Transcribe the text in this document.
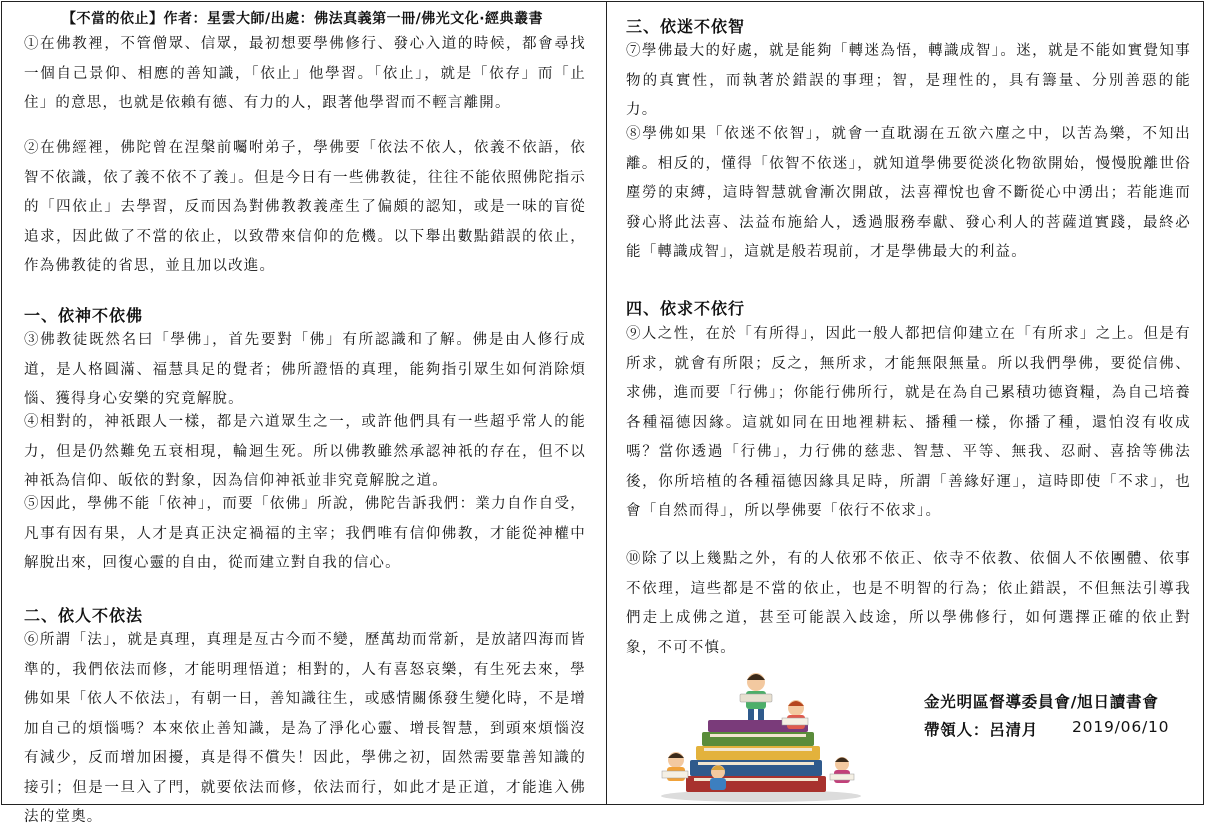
【不當的依止】作者：星雲大師/出處：佛法真義第一冊/佛光文化·經典叢書

①在佛教裡，不管僧眾、信眾，最初想要學佛修行、發心入道的時候，都會尋找一個自己景仰、相應的善知識，「依止」他學習。「依止」，就是「依存」而「止住」的意思，也就是依賴有德、有力的人，跟著他學習而不輕言離開。

②在佛經裡，佛陀曾在涅槃前囑咐弟子，學佛要「依法不依人，依義不依語，依智不依識，依了義不依不了義」。但是今日有一些佛教徒，往往不能依照佛陀指示的「四依止」去學習，反而因為對佛教教義產生了偏頗的認知，或是一味的盲從追求，因此做了不當的依止，以致帶來信仰的危機。以下舉出數點錯誤的依止，作為佛教徒的省思，並且加以改進。

一、依神不依佛

③佛教徒既然名曰「學佛」，首先要對「佛」有所認識和了解。佛是由人修行成道，是人格圓滿、福慧具足的覺者；佛所證悟的真理，能夠指引眾生如何消除煩惱、獲得身心安樂的究竟解脫。

④相對的，神祇跟人一樣，都是六道眾生之一，或許他們具有一些超乎常人的能力，但是仍然難免五衰相現，輪迴生死。所以佛教雖然承認神祇的存在，但不以神祇為信仰、皈依的對象，因為信仰神祇並非究竟解脫之道。

⑤因此，學佛不能「依神」，而要「依佛」所說，佛陀告訴我們：業力自作自受，凡事有因有果，人才是真正決定禍福的主宰；我們唯有信仰佛教，才能從神權中解脫出來，回復心靈的自由，從而建立對自我的信心。

二、依人不依法

⑥所謂「法」，就是真理，真理是亙古今而不變，歷萬劫而常新，是放諸四海而皆準的，我們依法而修，才能明理悟道；相對的，人有喜怒哀樂，有生死去來，學佛如果「依人不依法」，有朝一日，善知識往生，或感情關係發生變化時，不是增加自己的煩惱嗎？本來依止善知識，是為了淨化心靈、增長智慧，到頭來煩惱沒有減少，反而增加困擾，真是得不償失！因此，學佛之初，固然需要靠善知識的接引；但是一旦入了門，就要依法而修，依法而行，如此才是正道，才能進入佛法的堂奧。

三、依迷不依智

⑦學佛最大的好處，就是能夠「轉迷為悟，轉識成智」。迷，就是不能如實覺知事物的真實性，而執著於錯誤的事理；智，是理性的，具有籌量、分別善惡的能力。

⑧學佛如果「依迷不依智」，就會一直耽溺在五欲六塵之中，以苦為樂，不知出離。相反的，懂得「依智不依迷」，就知道學佛要從淡化物欲開始，慢慢脫離世俗塵勞的束縛，這時智慧就會漸次開啟，法喜禪悅也會不斷從心中湧出；若能進而發心將此法喜、法益布施給人，透過服務奉獻、發心利人的菩薩道實踐，最終必能「轉識成智」，這就是般若現前，才是學佛最大的利益。

四、依求不依行

⑨人之性，在於「有所得」，因此一般人都把信仰建立在「有所求」之上。但是有所求，就會有所限；反之，無所求，才能無限無量。所以我們學佛，要從信佛、求佛，進而要「行佛」；你能行佛所行，就是在為自己累積功德資糧，為自己培養各種福德因緣。這就如同在田地裡耕耘、播種一樣，你播了種，還怕沒有收成嗎？當你透過「行佛」，力行佛的慈悲、智慧、平等、無我、忍耐、喜捨等佛法後，你所培植的各種福德因緣具足時，所謂「善緣好運」，這時即使「不求」，也會「自然而得」，所以學佛要「依行不依求」。

⑩除了以上幾點之外，有的人依邪不依正、依寺不依教、依個人不依團體、依事不依理，這些都是不當的依止，也是不明智的行為；依止錯誤，不但無法引導我們走上成佛之道，甚至可能誤入歧途，所以學佛修行，如何選擇正確的依止對象，不可不慎。

金光明區督導委員會/旭日讀書會
帶領人：呂清月 2019/06/10
